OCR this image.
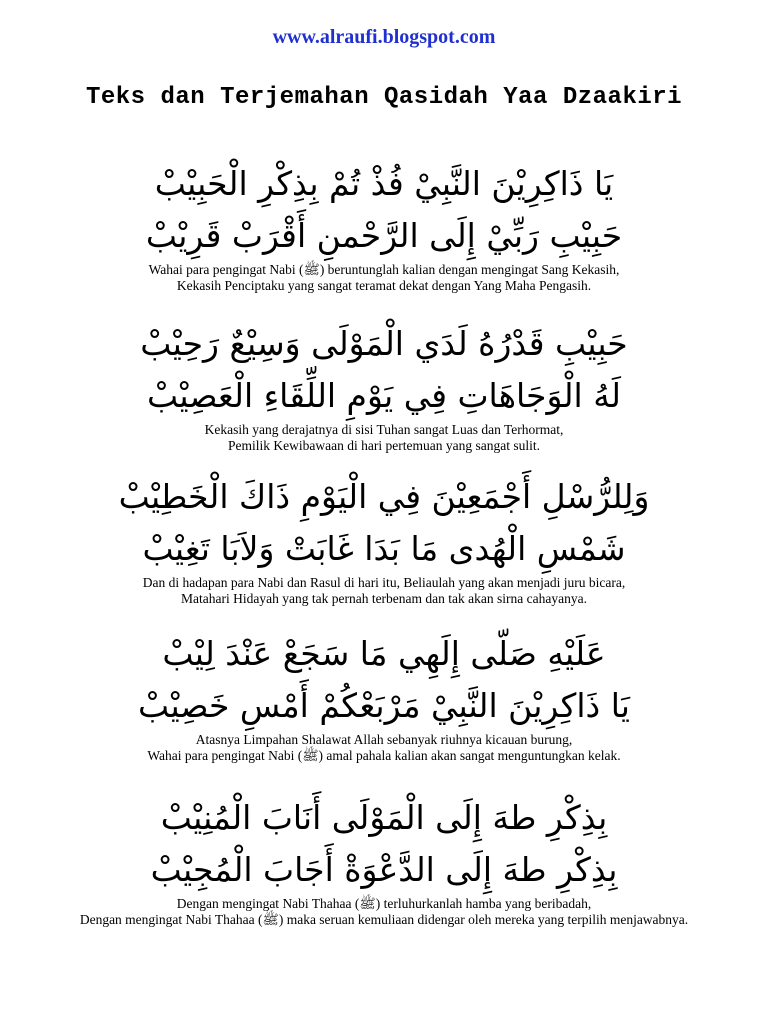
www.alraufi.blogspot.com
Teks dan Terjemahan Qasidah Yaa Dzaakiri
يَا ذَاكِرِيْنَ النَّبِيْ فُذْ تُمْ بِذِكْرِ الْحَبِيْبْ
حَبِيْبِ رَبِّيْ إِلَى الرَّحْمنِ أَقْرَبْ قَرِيْبْ
Wahai para pengingat Nabi (ﷺ) beruntunglah kalian dengan mengingat Sang Kekasih,
Kekasih Penciptaku yang sangat teramat dekat dengan Yang Maha Pengasih.
حَبِيْبِ قَدْرُهُ لَدَي الْمَوْلَى وَسِيْعٌ رَحِيْبْ
لَهُ الْوَجَاهَاتِ فِي يَوْمِ اللِّقَاءِ الْعَصِيْبْ
Kekasih yang derajatnya di sisi Tuhan sangat Luas dan Terhormat,
Pemilik Kewibawaan di hari pertemuan yang sangat sulit.
وَلِلرُّسْلِ أَجْمَعِيْنَ فِي الْيَوْمِ ذَاكَ الْخَطِيْبْ
شَمْسِ الْهُدى مَا بَدَا غَابَتْ وَلاَبَا تَغِيْبْ
Dan di hadapan para Nabi dan Rasul di hari itu, Beliaulah yang akan menjadi juru bicara,
Matahari Hidayah yang tak pernah terbenam dan tak akan sirna cahayanya.
عَلَيْهِ صَلّى إِلَهِي مَا سَجَعْ عَنْدَ لِيْبْ
يَا ذَاكِرِيْنَ النَّبِيْ مَرْبَعْكُمْ أَمْسِ خَصِيْبْ
Atasnya Limpahan Shalawat Allah sebanyak riuhnya kicauan burung,
Wahai para pengingat Nabi (ﷺ) amal pahala kalian akan sangat menguntungkan kelak.
بِذِكْرِ طهَ إِلَى الْمَوْلَى أَنَابَ الْمُنِيْبْ
بِذِكْرِ طهَ إِلَى الدَّعْوَةْ أَجَابَ الْمُجِيْبْ
Dengan mengingat Nabi Thahaa (ﷺ) terluhurkanlah hamba yang beribadah,
Dengan mengingat Nabi Thahaa (ﷺ) maka seruan kemuliaan didengar oleh mereka yang terpilih menjawabnya.
